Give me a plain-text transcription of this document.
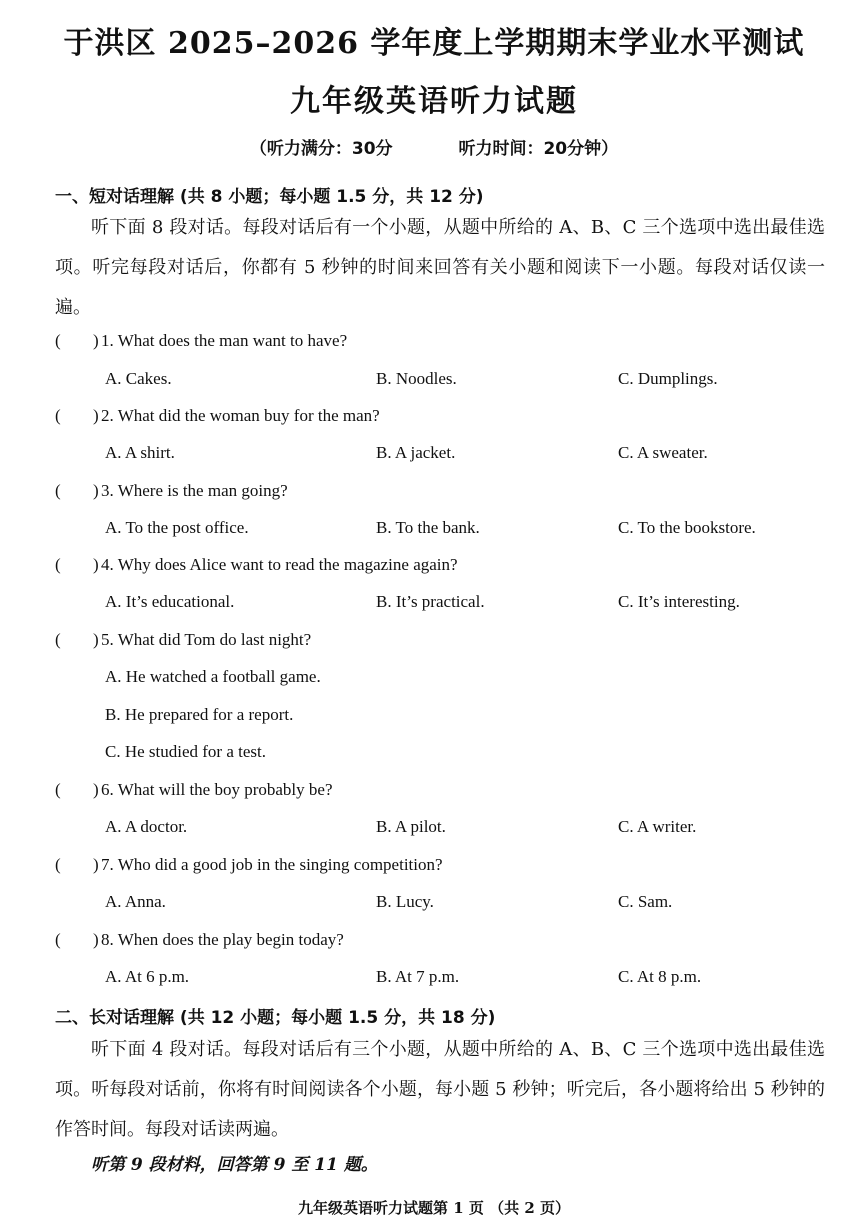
于洪区 2025–2026 学年度上学期期末学业水平测试
九年级英语听力试题
（听力满分：30分	听力时间：20分钟）
一、短对话理解 (共 8 小题；每小题 1.5 分，共 12 分)
听下面 8 段对话。每段对话后有一个小题，从题中所给的 A、B、C 三个选项中选出最佳选项。听完每段对话后，你都有 5 秒钟的时间来回答有关小题和阅读下一小题。每段对话仅读一遍。
( ) 1. What does the man want to have?
A. Cakes.	B. Noodles.	C. Dumplings.
( ) 2. What did the woman buy for the man?
A. A shirt.	B. A jacket.	C. A sweater.
( ) 3. Where is the man going?
A. To the post office.	B. To the bank.	C. To the bookstore.
( ) 4. Why does Alice want to read the magazine again?
A. It’s educational.	B. It’s practical.	C. It’s interesting.
( ) 5. What did Tom do last night?
A. He watched a football game.
B. He prepared for a report.
C. He studied for a test.
( ) 6. What will the boy probably be?
A. A doctor.	B. A pilot.	C. A writer.
( ) 7. Who did a good job in the singing competition?
A. Anna.	B. Lucy.	C. Sam.
( ) 8. When does the play begin today?
A. At 6 p.m.	B. At 7 p.m.	C. At 8 p.m.
二、长对话理解 (共 12 小题；每小题 1.5 分，共 18 分)
听下面 4 段对话。每段对话后有三个小题，从题中所给的 A、B、C 三个选项中选出最佳选项。听每段对话前，你将有时间阅读各个小题，每小题 5 秒钟；听完后，各小题将给出 5 秒钟的作答时间。每段对话读两遍。
听第 9 段材料，回答第 9 至 11 题。
九年级英语听力试题第 1 页 （共 2 页）
